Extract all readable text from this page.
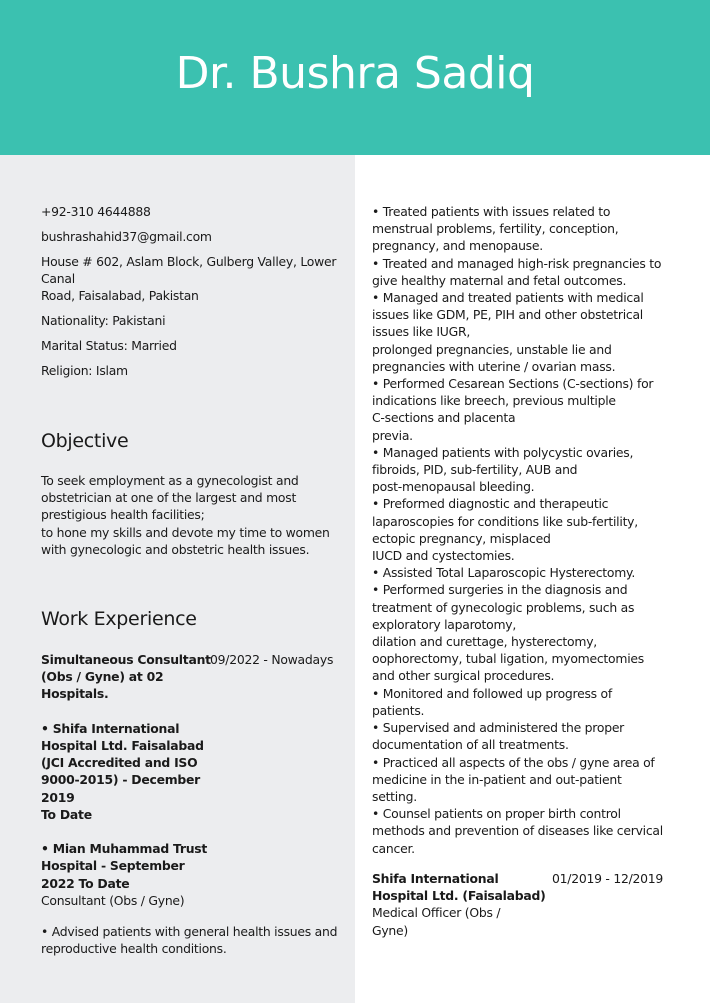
Dr. Bushra Sadiq
+92-310 4644888
bushrashahid37@gmail.com
House # 602, Aslam Block, Gulberg Valley, Lower
Canal
Road, Faisalabad, Pakistan
Nationality: Pakistani
Marital Status: Married
Religion: Islam
Objective
To seek employment as a gynecologist and
obstetrician at one of the largest and most
prestigious health facilities;
to hone my skills and devote my time to women
with gynecologic and obstetric health issues.
Work Experience
09/2022 - Nowadays
Simultaneous Consultant
(Obs / Gyne) at 02
Hospitals.
• Shifa International
Hospital Ltd. Faisalabad
(JCI Accredited and ISO
9000-2015) - December
2019
To Date
• Mian Muhammad Trust
Hospital - September
2022 To Date
Consultant (Obs / Gyne)
• Advised patients with general health issues and
reproductive health conditions.
• Treated patients with issues related to
menstrual problems, fertility, conception,
pregnancy, and menopause.
• Treated and managed high-risk pregnancies to
give healthy maternal and fetal outcomes.
• Managed and treated patients with medical
issues like GDM, PE, PIH and other obstetrical
issues like IUGR,
prolonged pregnancies, unstable lie and
pregnancies with uterine / ovarian mass.
• Performed Cesarean Sections (C-sections) for
indications like breech, previous multiple
C-sections and placenta
previa.
• Managed patients with polycystic ovaries,
fibroids, PID, sub-fertility, AUB and
post-menopausal bleeding.
• Preformed diagnostic and therapeutic
laparoscopies for conditions like sub-fertility,
ectopic pregnancy, misplaced
IUCD and cystectomies.
• Assisted Total Laparoscopic Hysterectomy.
• Performed surgeries in the diagnosis and
treatment of gynecologic problems, such as
exploratory laparotomy,
dilation and curettage, hysterectomy,
oophorectomy, tubal ligation, myomectomies
and other surgical procedures.
• Monitored and followed up progress of
patients.
• Supervised and administered the proper
documentation of all treatments.
• Practiced all aspects of the obs / gyne area of
medicine in the in-patient and out-patient
setting.
• Counsel patients on proper birth control
methods and prevention of diseases like cervical
cancer.
01/2019 - 12/2019
Shifa International
Hospital Ltd. (Faisalabad)
Medical Officer (Obs /
Gyne)
